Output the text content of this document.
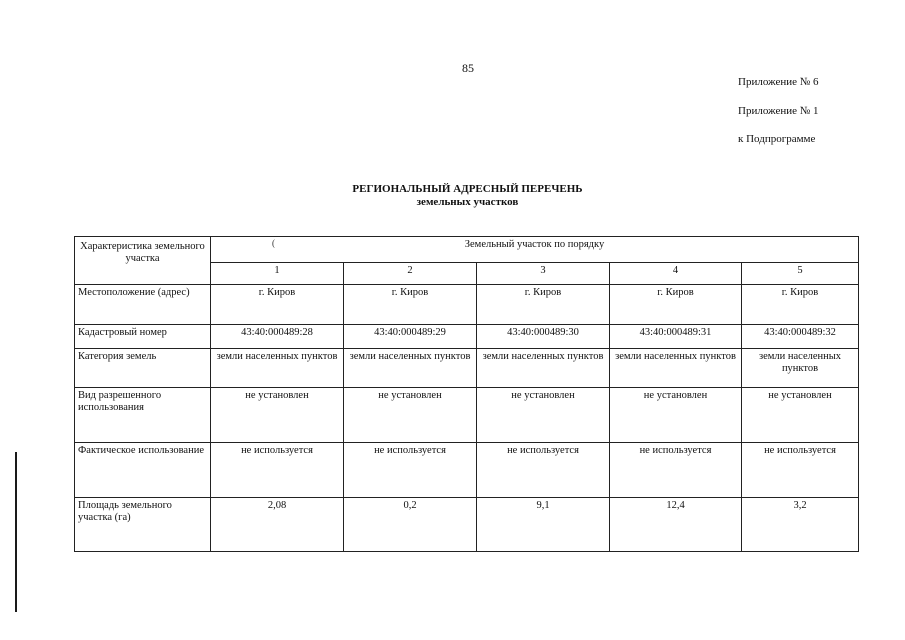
85
Приложение № 6
Приложение № 1
к Подпрограмме
РЕГИОНАЛЬНЫЙ АДРЕСНЫЙ ПЕРЕЧЕНЬ
земельных участков
(
Характеристика земельного участка	Земельный участок по порядку				
	1	2	3	4	5
Местоположение (адрес)	г. Киров	г. Киров	г. Киров	г. Киров	г. Киров
Кадастровый номер	43:40:000489:28	43:40:000489:29	43:40:000489:30	43:40:000489:31	43:40:000489:32
Категория земель	земли населенных пунктов	земли населенных пунктов	земли населенных пунктов	земли населенных пунктов	земли населенных пунктов
Вид разрешенного использования	не установлен	не установлен	не установлен	не установлен	не установлен
Фактическое использование	не используется	не используется	не используется	не используется	не используется
Площадь земельного участка (га)	2,08	0,2	9,1	12,4	3,2
